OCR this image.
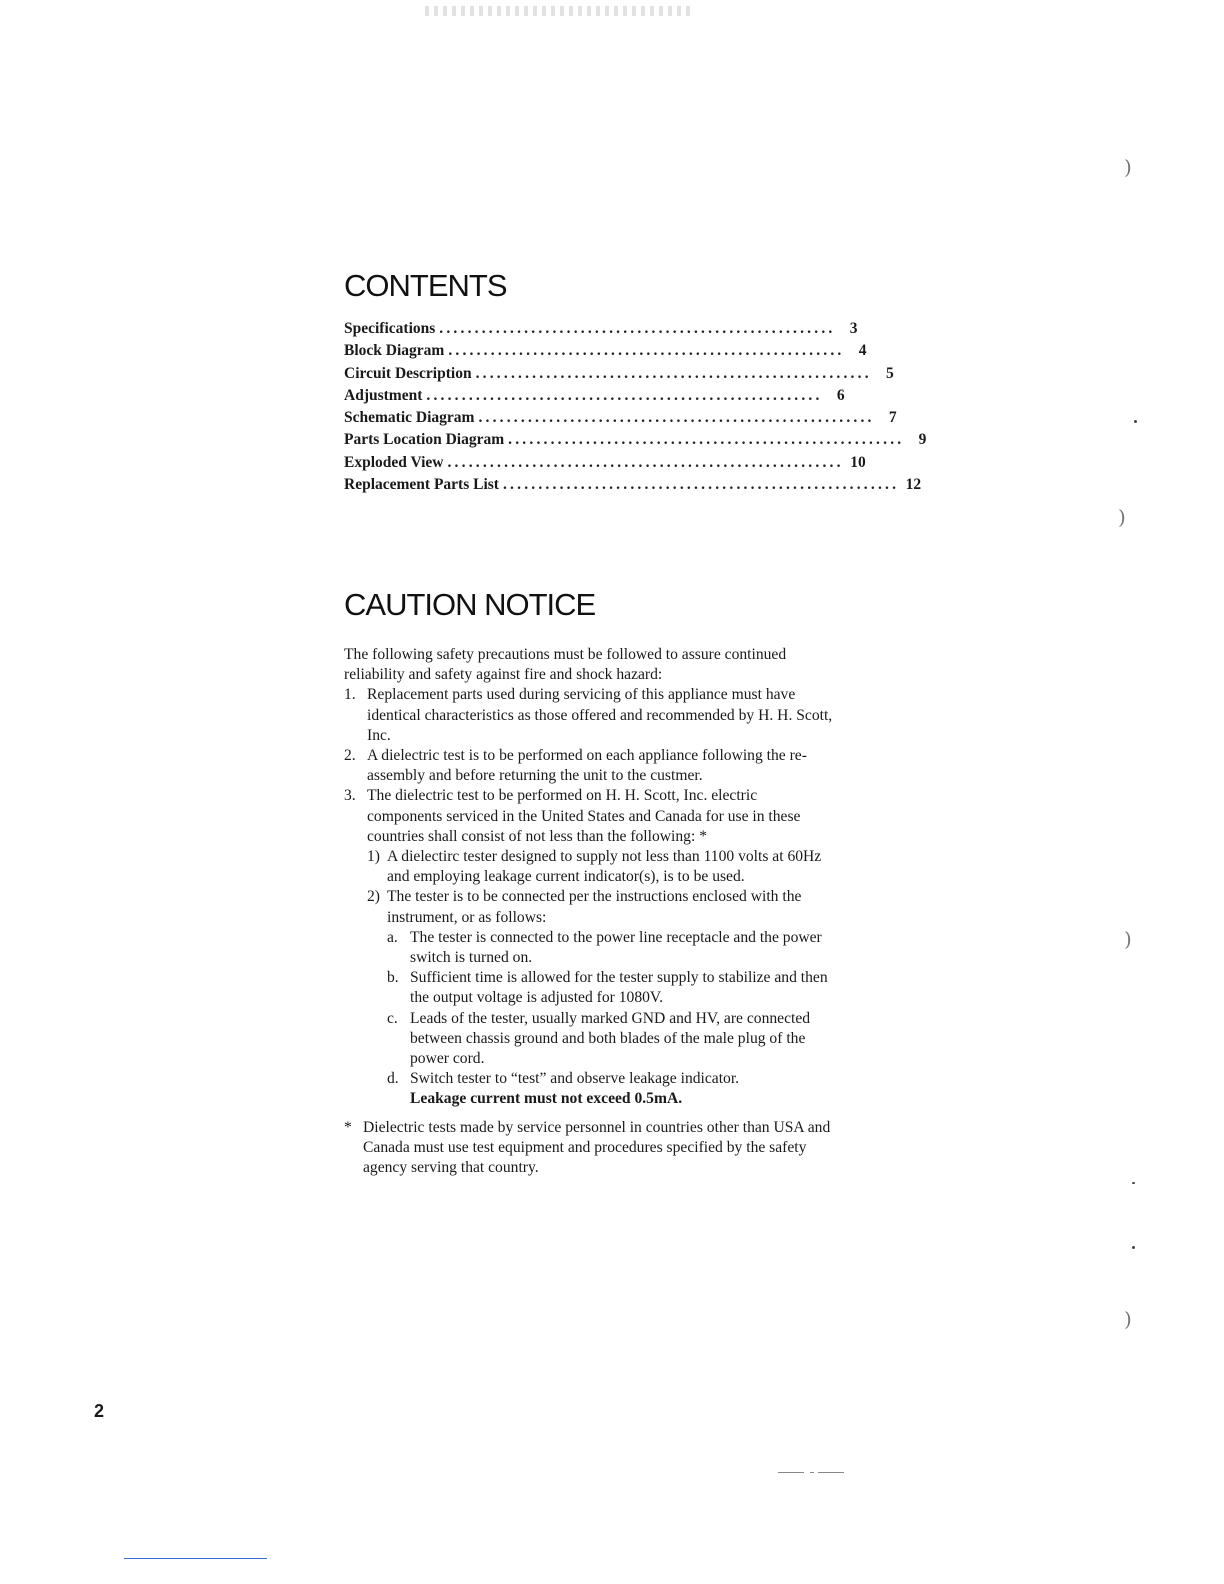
CONTENTS
Specifications ........................................................ 3
Block Diagram ........................................................ 4
Circuit Description ........................................................ 5
Adjustment ........................................................ 6
Schematic Diagram ........................................................ 7
Parts Location Diagram ........................................................ 9
Exploded View ........................................................ 10
Replacement Parts List ........................................................ 12
CAUTION NOTICE

The following safety precautions must be followed to assure continued reliability and safety against fire and shock hazard:

1. Replacement parts used during servicing of this appliance must have identical characteristics as those offered and recommended by H. H. Scott, Inc.
2. A dielectric test is to be performed on each appliance following the re-assembly and before returning the unit to the custmer.
3. The dielectric test to be performed on H. H. Scott, Inc. electric components serviced in the United States and Canada for use in these countries shall consist of not less than the following: *
1) A dielectirc tester designed to supply not less than 1100 volts at 60Hz and employing leakage current indicator(s), is to be used.
2) The tester is to be connected per the instructions enclosed with the instrument, or as follows:
a. The tester is connected to the power line receptacle and the power switch is turned on.
b. Sufficient time is allowed for the tester supply to stabilize and then the output voltage is adjusted for 1080V.
c. Leads of the tester, usually marked GND and HV, are connected between chassis ground and both blades of the male plug of the power cord.
d. Switch tester to “test” and observe leakage indicator.
Leakage current must not exceed 0.5mA.
* Dielectric tests made by service personnel in countries other than USA and Canada must use test equipment and procedures specified by the safety agency serving that country.

2

)
)
)
)
